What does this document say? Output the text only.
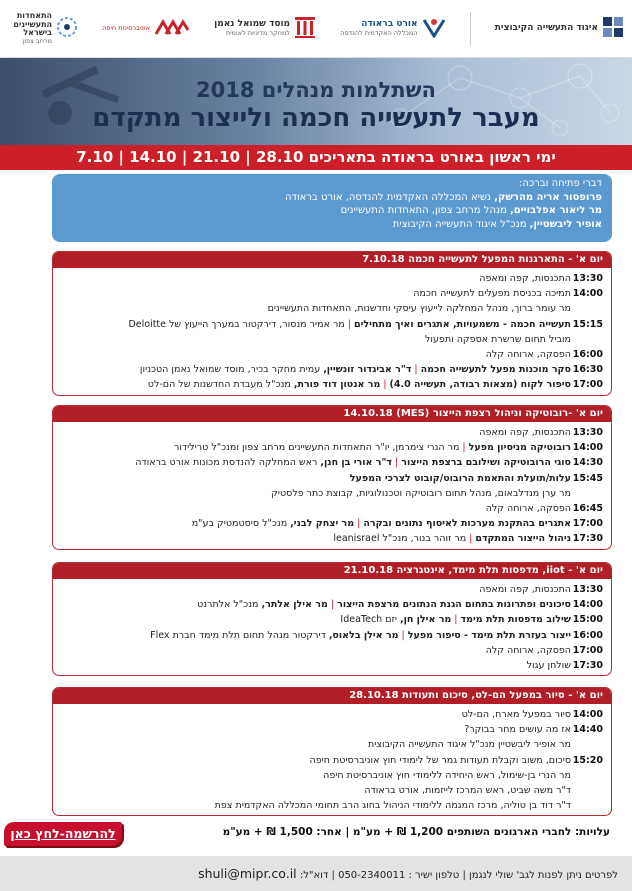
איגוד התעשייה הקיבוצית
אורט בראודה
המכללה האקדמית להנדסה
מוסד שמואל נאמן
למחקר מדיניות לאומית
אוניברסיטת חיפה
התאחדות התעשיינים בישראל
מרחב צפון
השתלמות מנהלים 2018
מעבר לתעשייה חכמה ולייצור מתקדם
ימי ראשון באורט בראודה בתאריכים 28.10 | 21.10 | 14.10 | 7.10
דברי פתיחה וברכה:
פרופסור אריה מהרשק, נשיא המכללה האקדמית להנדסה, אורט בראודה
מר ליאור אפלבויים, מנהל מרחב צפון, התאחדות התעשיינים
אופיר ליבשטיין, מנכ"ל איגוד התעשייה הקיבוצית
יום א' - התארגנות המפעל לתעשייה חכמה 7.10.18
13:30
התכנסות, קפה ומאפה
14:00
תמיכה בכניסת מפעלים לתעשייה חכמה
מר עומר ברוך, מנהל המחלקה לייעוץ עיסקי וחדשנות, התאחדות התעשיינים
15:15
תעשייה חכמה - משמעויות, אתגרים ואיך מתחילים|מר אמיר מנסור, דירקטור במערך הייעוץ של Deloitte
מוביל תחום שרשרת אספקה ותפעול
16:00
הפסקה, ארוחה קלה
16:30
סקר מוכנות מפעל לתעשייה חכמה|ד"ר אביגדור זונשיין, עמית מחקר בכיר, מוסד שמואל נאמן הטכניון
17:00
סיפור לקוח (מצאות רבודה, תעשייה 4.0)|מר אנטון דוד פורת, מנכ"ל מעבדת החדשנות של הם-לט
יום א' -רובוטיקה וניהול רצפת הייצור (MES) 14.10.18
13:30
התכנסות, קפה ומאפה
14:00
רובוטיקה מניסיון מפעל|מר הנרי צימרמן, יו"ר התאחדות התעשיינים מרחב צפון ומנכ"ל טרילידור
14:30
סוגי הרובוטיקה ושילובם ברצפת הייצור|ד"ר אורי בן חנן, ראש המחלקה להנדסת מכונות אורט בראודה
15:45
עלות/תועלת והתאמת הרובוט/קובוט לצרכי המפעל
מר ערן מנדלבאום, מנהל תחום רובוטיקה וטכנולוגיות, קבוצת כתר פלסטיק
16:45
הפסקה, ארוחה קלה
17:00
אתגרים בהתקנת מערכות לאיסוף נתונים ובקרה|מר יצחק לבני, מנכ"ל סיסטמטיק בע"מ
17:30
ניהול הייצור המתקדם|מר זוהר בנור, מנכ"ל leanisrael
יום א' - iiot, מדפסות תלת מימד, אינטגרציה 21.10.18
13:30
התכנסות, קפה ומאפה
14:00
סיכונים ופתרונות בתחום הגנת הנתונים מרצפת הייצור|מר אילן אלתר, מנכ"ל אלתרנט
15:00
שילוב מדפסות תלת מימד|מר אילן חן, יזם IdeaTech
16:00
ייצור בעזרת תלת מימד - סיפור מפעל|מר אילן בלאוס, דירקטור מנהל תחום תלת מימד חברת Flex
17:00
הפסקה, ארוחה קלה
17:30
שולחן עגול
יום א' - סיור במפעל הם-לט, סיכום ותעודות 28.10.18
14:00
סיור במפעל מארח, הם-לט
14:40
אז מה עושים מחר בבוקר?
מר אופיר ליבשטיין מנכ"ל איגוד התעשייה הקיבוצית
15:20
סיכום, משוב וקבלת תעודות גמר של לימודי חוץ אוניברסיטת חיפה
מר הנרי בן-שימול, ראש היחידה ללימודי חוץ אוניברסיטת חיפה
ד"ר משה שביט, ראש המרכז לייזמות, אורט בראודה
ד"ר דוד בן טוליה, מרכז המגמה ללימודי הניהול בחוג הרב תחומי המכללה האקדמית צפת
עלויות: לחברי הארגונים השותפים 1,200 ₪ + מע"מ | אחר: 1,500 ₪ + מע"מ
להרשמה-לחץ כאן
לפרטים ניתן לפנות לגב' שולי לנגמן | טלפון ישיר : 050-2340011 | דוא"ל: shuli@mipr.co.il
